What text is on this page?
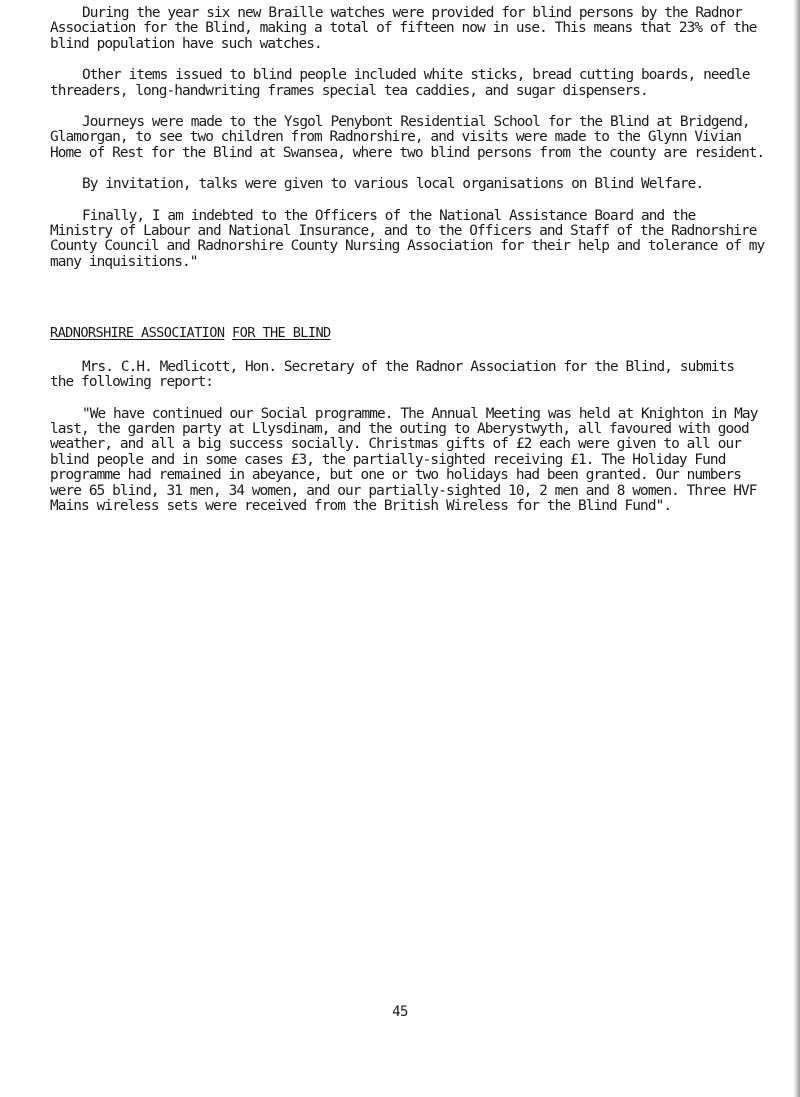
During the year six new Braille watches were provided for blind persons by the Radnor Association for the Blind, making a total of fifteen now in use. This means that 23% of the blind population have such watches.

Other items issued to blind people included white sticks, bread cutting boards, needle threaders, long-handwriting frames special tea caddies, and sugar dispensers.

Journeys were made to the Ysgol Penybont Residential School for the Blind at Bridgend, Glamorgan, to see two children from Radnorshire, and visits were made to the Glynn Vivian Home of Rest for the Blind at Swansea, where two blind persons from the county are resident.

By invitation, talks were given to various local organisations on Blind Welfare.

Finally, I am indebted to the Officers of the National Assistance Board and the Ministry of Labour and National Insurance, and to the Officers and Staff of the Radnorshire County Council and Radnorshire County Nursing Association for their help and tolerance of my many inquisitions."

RADNORSHIRE ASSOCIATION FOR THE BLIND

Mrs. C.H. Medlicott, Hon. Secretary of the Radnor Association for the Blind, submits the following report:

"We have continued our Social programme. The Annual Meeting was held at Knighton in May last, the garden party at Llysdinam, and the outing to Aberystwyth, all favoured with good weather, and all a big success socially. Christmas gifts of £2 each were given to all our blind people and in some cases £3, the partially-sighted receiving £1. The Holiday Fund programme had remained in abeyance, but one or two holidays had been granted. Our numbers were 65 blind, 31 men, 34 women, and our partially-sighted 10, 2 men and 8 women. Three HVF Mains wireless sets were received from the British Wireless for the Blind Fund".

45
